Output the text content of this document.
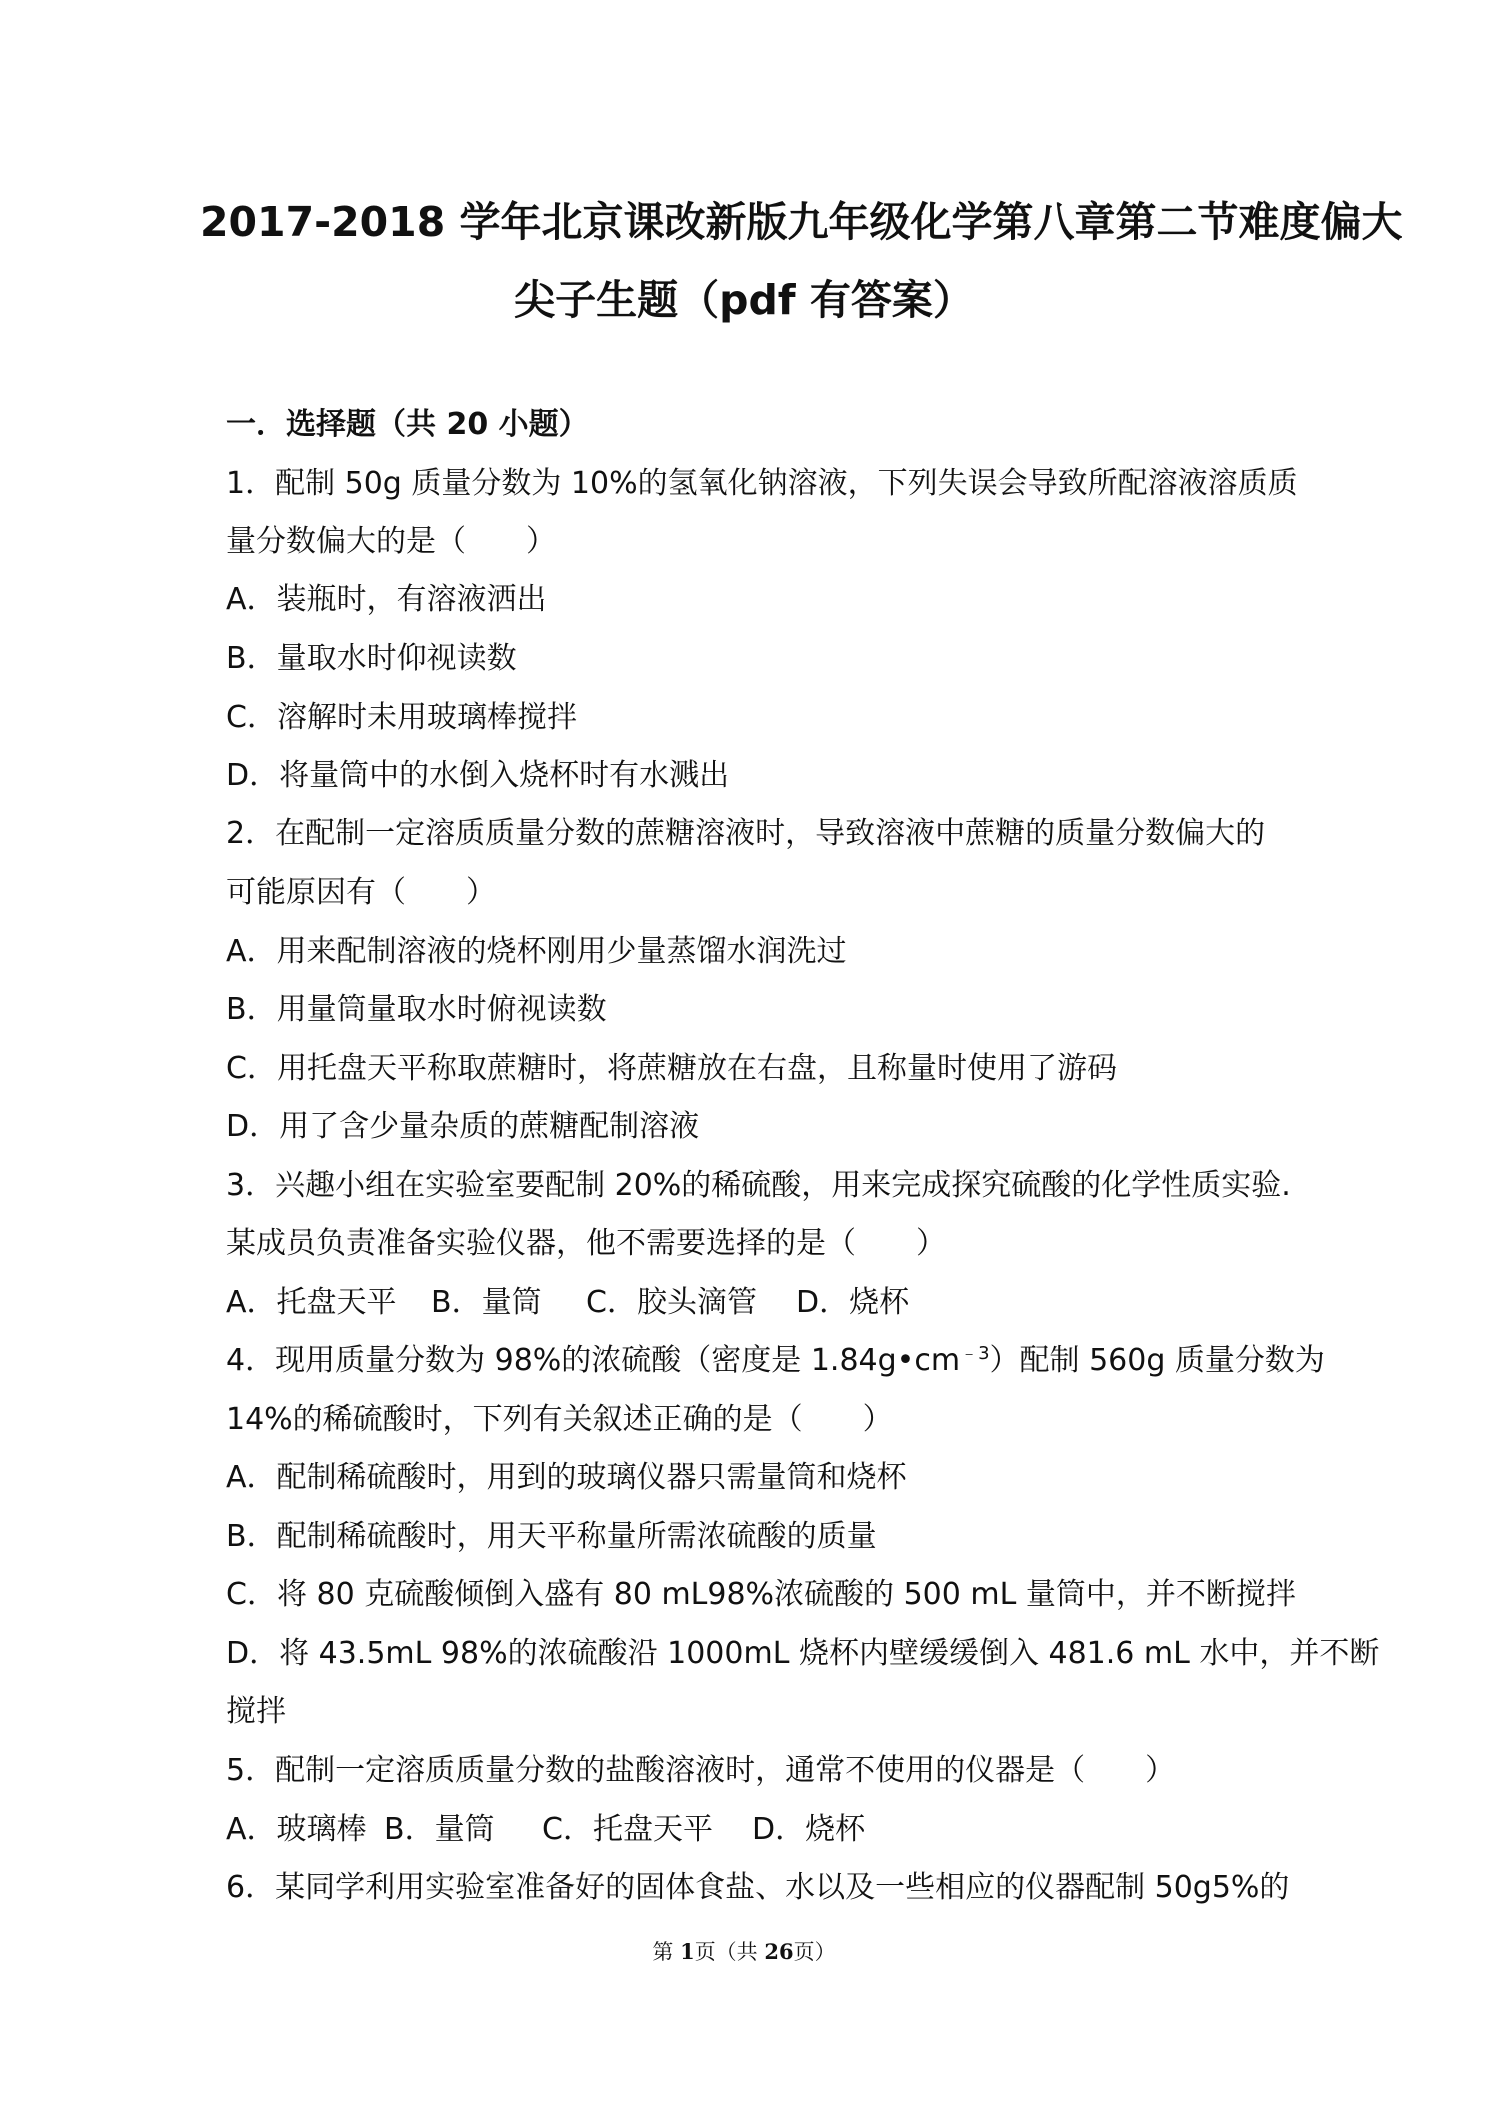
2017-2018 学年北京课改新版九年级化学第八章第二节难度偏大
尖子生题（pdf 有答案）
一．选择题（共 20 小题）
1．配制 50g 质量分数为 10%的氢氧化钠溶液，下列失误会导致所配溶液溶质质
量分数偏大的是（　　）
A．装瓶时，有溶液洒出
B．量取水时仰视读数
C．溶解时未用玻璃棒搅拌
D．将量筒中的水倒入烧杯时有水溅出
2．在配制一定溶质质量分数的蔗糖溶液时，导致溶液中蔗糖的质量分数偏大的
可能原因有（　　）
A．用来配制溶液的烧杯刚用少量蒸馏水润洗过
B．用量筒量取水时俯视读数
C．用托盘天平称取蔗糖时，将蔗糖放在右盘，且称量时使用了游码
D．用了含少量杂质的蔗糖配制溶液
3．兴趣小组在实验室要配制 20%的稀硫酸，用来完成探究硫酸的化学性质实验.
某成员负责准备实验仪器，他不需要选择的是（　　）
A．托盘天平 B．量筒 C．胶头滴管 D．烧杯
4．现用质量分数为 98%的浓硫酸（密度是 $1.84g•cm^{﹣3}$）配制 560g 质量分数为
14%的稀硫酸时，下列有关叙述正确的是（　　）
A．配制稀硫酸时，用到的玻璃仪器只需量筒和烧杯
B．配制稀硫酸时，用天平称量所需浓硫酸的质量
C．将 80 克硫酸倾倒入盛有 80 mL98%浓硫酸的 500 mL 量筒中，并不断搅拌
D．将 43.5mL 98%的浓硫酸沿 1000mL 烧杯内壁缓缓倒入 481.6 mL 水中，并不断
搅拌
5．配制一定溶质质量分数的盐酸溶液时，通常不使用的仪器是（　　）
A．玻璃棒 B．量筒 C．托盘天平 D．烧杯
6．某同学利用实验室准备好的固体食盐、水以及一些相应的仪器配制 50g5%的
第 1页（共 26页）
